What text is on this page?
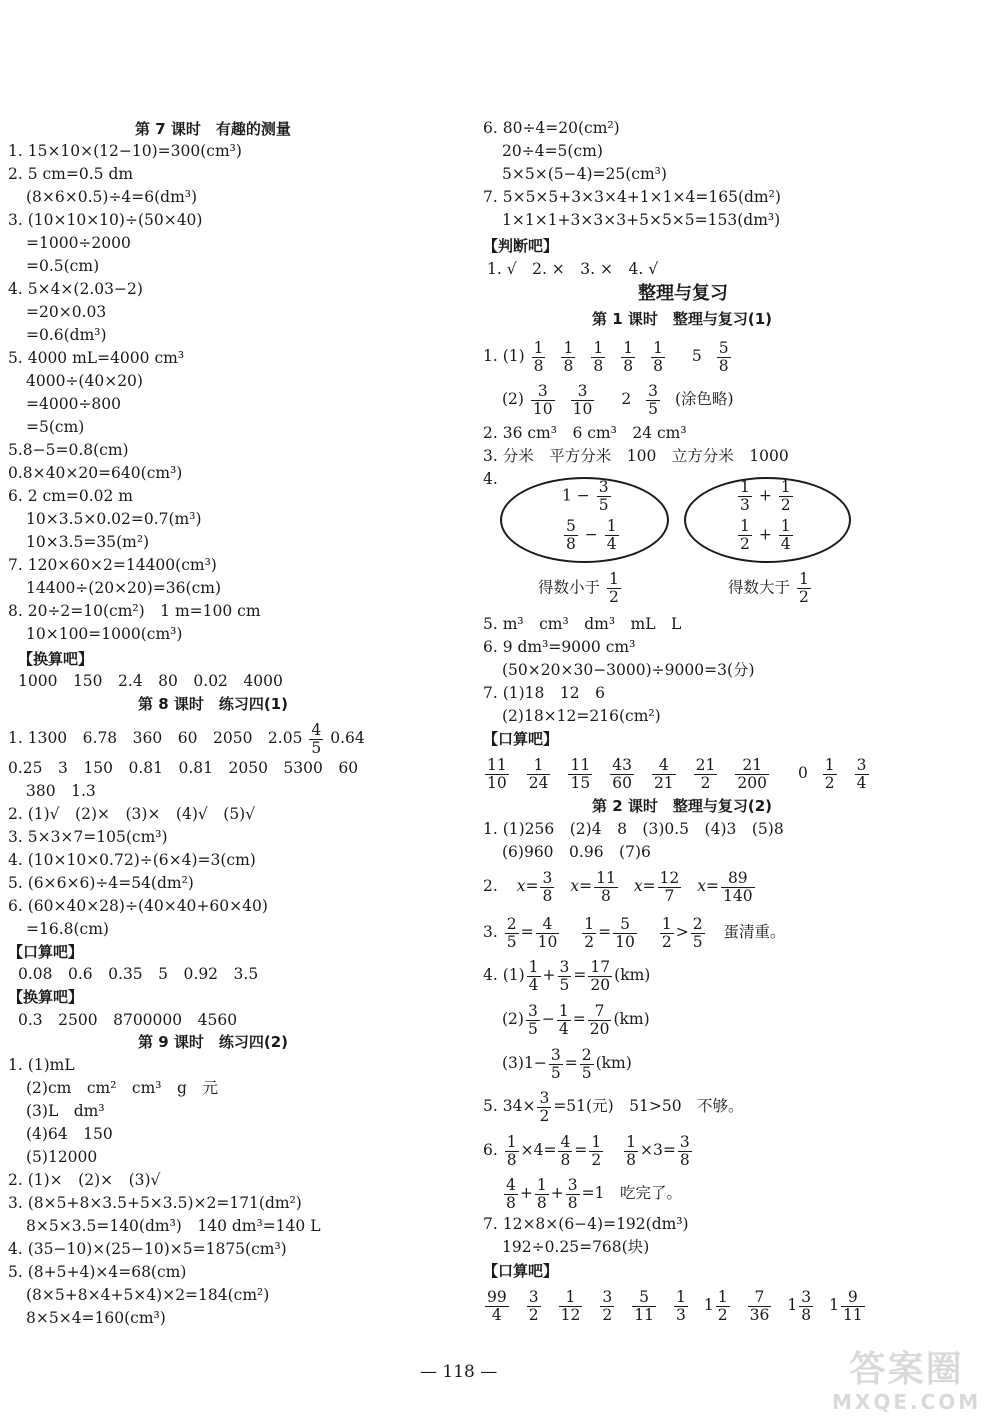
第 7 课时　有趣的测量
1. 15×10×(12−10)=300(cm³)
2. 5 cm=0.5 dm
(8×6×0.5)÷4=6(dm³)
3. (10×10×10)÷(50×40)
=1000÷2000
=0.5(cm)
4. 5×4×(2.03−2)
=20×0.03
=0.6(dm³)
5. 4000 mL=4000 cm³
4000÷(40×20)
=4000÷800
=5(cm)
5.8−5=0.8(cm)
0.8×40×20=640(cm³)
6. 2 cm=0.02 m
10×3.5×0.02=0.7(m³)
10×3.5=35(m²)
7. 120×60×2=14400(cm³)
14400÷(20×20)=36(cm)
8. 20÷2=10(cm²)　1 m=100 cm
10×100=1000(cm³)
【换算吧】
1000　150　2.4　80　0.02　4000
第 8 课时　练习四(1)
1. 1300　6.78　360　60　2050　$2.05 \frac{4}{5} 0.64$
0.25　3　150　0.81　0.81　2050　5300　60
380　1.3
2. (1)√　(2)×　(3)×　(4)√　(5)√
3. 5×3×7=105(cm³)
4. (10×10×0.72)÷(6×4)=3(cm)
5. (6×6×6)÷4=54(dm²)
6. (60×40×28)÷(40×40+60×40)
=16.8(cm)
【口算吧】
0.08　0.6　0.35　5　0.92　3.5
【换算吧】
0.3　2500　8700000　4560
第 9 课时　练习四(2)
1. (1)mL
(2)cm　cm²　cm³　g　元
(3)L　dm³
(4)64　150
(5)12000
2. (1)×　(2)×　(3)√
3. (8×5+8×3.5+5×3.5)×2=171(dm²)
8×5×3.5=140(dm³)　140 dm³=140 L
4. (35−10)×(25−10)×5=1875(cm³)
5. (8+5+4)×4=68(cm)
(8×5+8×4+5×4)×2=184(cm²)
8×5×4=160(cm³)
6. 80÷4=20(cm²)
20÷4=5(cm)
5×5×(5−4)=25(cm³)
7. 5×5×5+3×3×4+1×1×4=165(dm²)
1×1×1+3×3×3+5×5×5=153(dm³)
【判断吧】
1. √　2. ×　3. ×　4. √
整理与复习
第 1 课时　整理与复习(1)
1. $(1) \frac{1}{8} \frac{1}{8} \frac{1}{8} \frac{1}{8} \frac{1}{8} 5 \frac{5}{8}$
$(2) \frac{3}{10} \frac{3}{10} 2 \frac{3}{5}$ (涂色略)
2. 36 cm³　6 cm³　24 cm³
3. 分米　平方分米　100　立方分米　1000
4.
$1 - \frac{3}{5}$
$\frac{5}{8} - \frac{1}{4}$
$\frac{1}{3} + \frac{1}{2}$
$\frac{1}{2} + \frac{1}{4}$
得数小于 $\frac{1}{2}$	得数大于 $\frac{1}{2}$
5. m³　cm³　dm³　mL　L
6. 9 dm³=9000 cm³
(50×20×30−3000)÷9000=3(分)
7. (1)18　12　6
(2)18×12=216(cm²)
【口算吧】
$\frac{11}{10} \frac{1}{24} \frac{11}{15} \frac{43}{60} \frac{4}{21} \frac{21}{2} \frac{21}{200} 0 \frac{1}{2} \frac{3}{4}$
第 2 课时　整理与复习(2)
1. (1)256　(2)4　8　(3)0.5　(4)3　(5)8
(6)960　0.96　(7)6
2. $x= \frac{3}{8} x= \frac{11}{8} x= \frac{12}{7} x= \frac{89}{140}$
3. $\frac{2}{5} = \frac{4}{10}$
$\frac{1}{2} = \frac{5}{10}$
$\frac{1}{2} > \frac{2}{5}$ 蛋清重。
4. $(1) \frac{1}{4} + \frac{3}{5} = \frac{17}{20} (km)$
$(2) \frac{3}{5} - \frac{1}{4} = \frac{7}{20} (km)$
$(3)1- \frac{3}{5} = \frac{2}{5} (km)$
5. $34\times \frac{3}{2} =51$(元)　51>50　不够。
6. $\frac{1}{8} \times 4= \frac{4}{8} = \frac{1}{2}$
$\frac{1}{8} \times 3= \frac{3}{8}$
$\frac{4}{8} + \frac{1}{8} + \frac{3}{8} =1$　吃完了。
7. 12×8×(6−4)=192(dm³)
192÷0.25=768(块)
【口算吧】
$\frac{99}{4} \frac{3}{2} \frac{1}{12} \frac{3}{2} \frac{5}{11} \frac{1}{3} 1 \frac{1}{2} \frac{7}{36} 1 \frac{3}{8} 1 \frac{9}{11}$
— 118 —	答案圈
MXQE.COM
